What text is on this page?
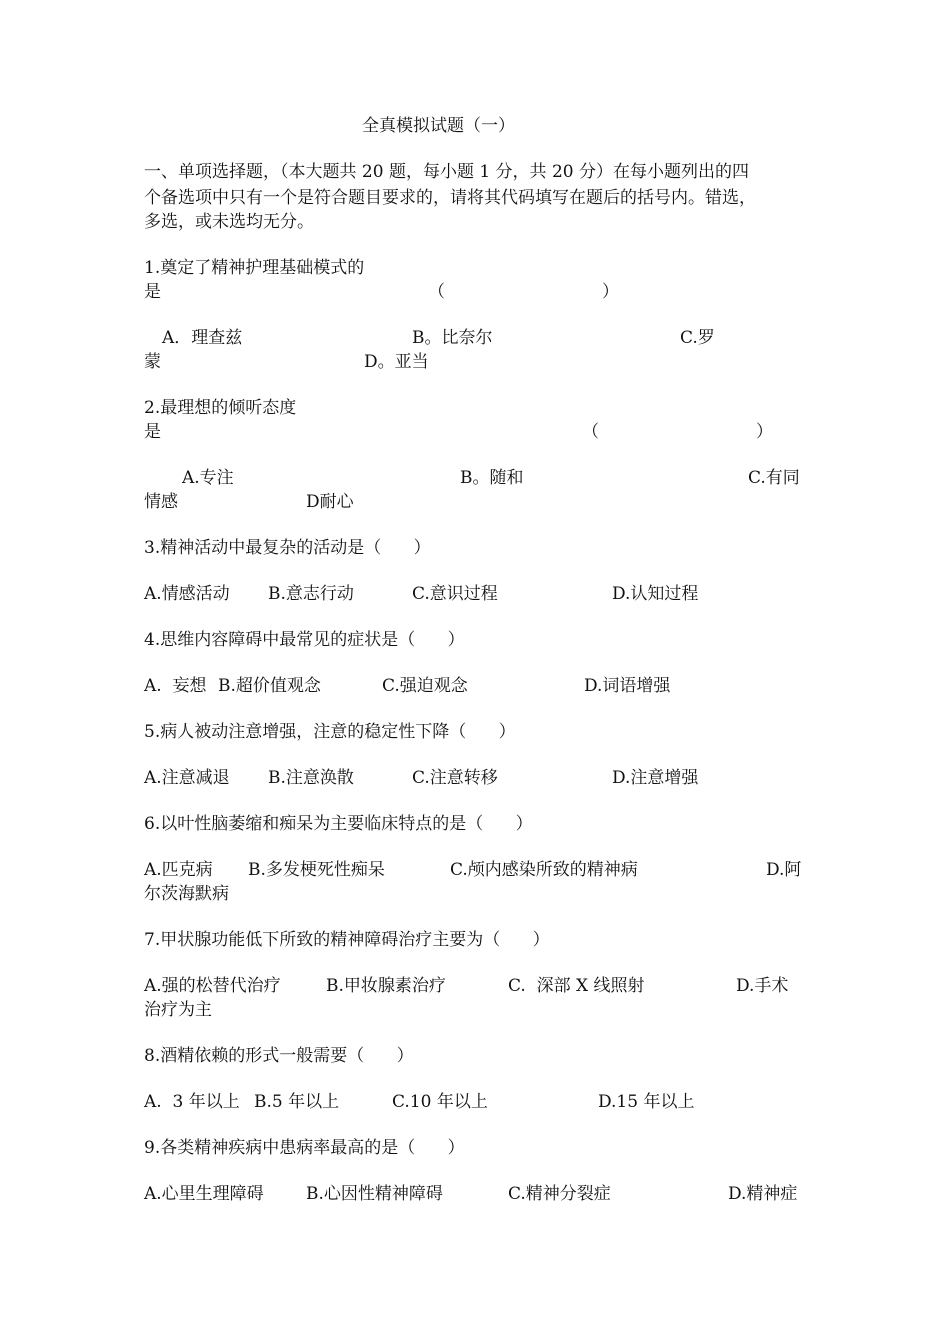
全真模拟试题（一）
一、单项选择题，（本大题共 20 题，每小题 1 分，共 20 分）在每小题列出的四
个备选项中只有一个是符合题目要求的，请将其代码填写在题后的括号内。错选，
多选，或未选均无分。
1.奠定了精神护理基础模式的
是	（	）
A．理查兹	B。比奈尔	C.罗
蒙	D。亚当
2.最理想的倾听态度
是	（	）
A.专注	B。随和	C.有同
情感	D耐心
3.精神活动中最复杂的活动是（      ）
A.情感活动 B.意志行动	C.意识过程	D.认知过程
4.思维内容障碍中最常见的症状是（      ）
A.  妄想 B.超价值观念	C.强迫观念	D.词语增强
5.病人被动注意增强，注意的稳定性下降（      ）
A.注意减退 B.注意涣散	C.注意转移	D.注意增强
6.以叶性脑萎缩和痴呆为主要临床特点的是（      ）
A.匹克病 B.多发梗死性痴呆	C.颅内感染所致的精神病	D.阿
尔茨海默病
7.甲状腺功能低下所致的精神障碍治疗主要为（      ）
A.强的松替代治疗	B.甲妆腺素治疗	C.  深部 X 线照射	D.手术
治疗为主
8.酒精依赖的形式一般需要（      ）
A.  3 年以上 B.5 年以上	C.10 年以上	D.15 年以上
9.各类精神疾病中患病率最高的是（      ）
A.心里生理障碍 B.心因性精神障碍	C.精神分裂症	D.精神症
